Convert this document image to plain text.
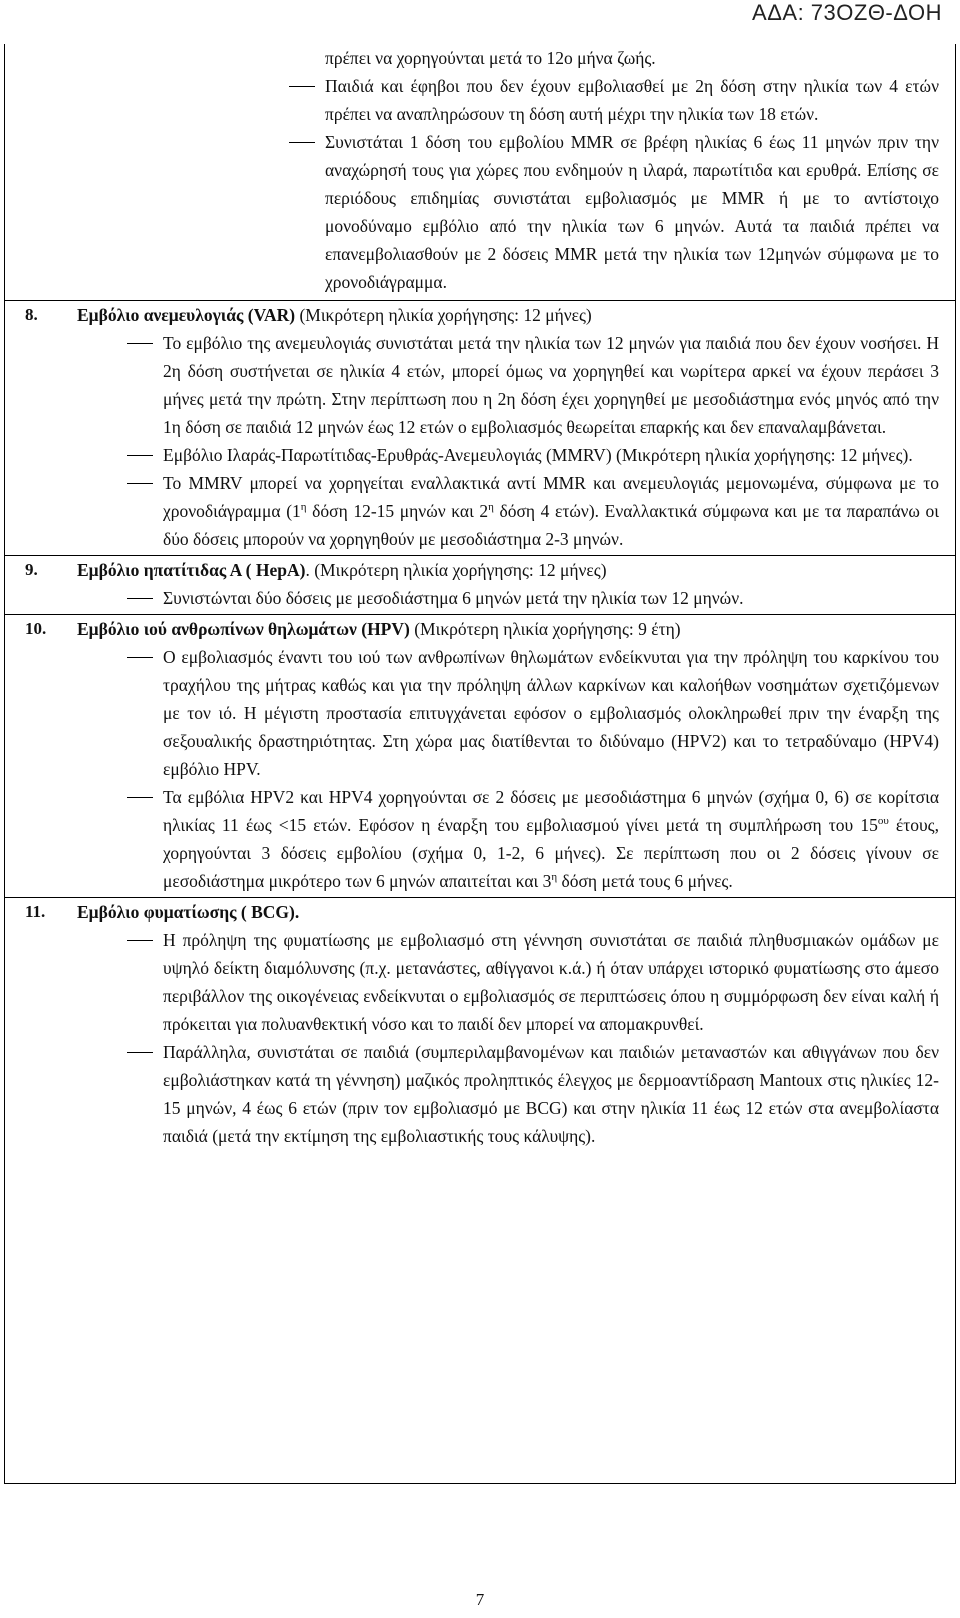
ΑΔΑ: 73ΟΖΘ-ΔΟΗ
πρέπει να χορηγούνται μετά το 12ο μήνα ζωής.
Παιδιά και έφηβοι που δεν έχουν εμβολιασθεί με 2η δόση στην ηλικία των 4 ετών πρέπει να αναπληρώσουν τη δόση αυτή μέχρι την ηλικία των 18 ετών.
Συνιστάται 1 δόση του εμβολίου MMR σε βρέφη ηλικίας 6 έως 11 μηνών πριν την αναχώρησή τους για χώρες που ενδημούν η ιλαρά, παρωτίτιδα και ερυθρά. Επίσης σε περιόδους επιδημίας συνιστάται εμβολιασμός με MMR ή με το αντίστοιχο μονοδύναμο εμβόλιο από την ηλικία των 6 μηνών. Αυτά τα παιδιά πρέπει να επανεμβολιασθούν με 2 δόσεις MMR μετά την ηλικία των 12μηνών σύμφωνα με το χρονοδιάγραμμα.	

8.	Εμβόλιο ανεμευλογιάς (VAR) (Μικρότερη ηλικία χορήγησης: 12 μήνες)
Το εμβόλιο της ανεμευλογιάς συνιστάται μετά την ηλικία των 12 μηνών για παιδιά που δεν έχουν νοσήσει. Η 2η δόση συστήνεται σε ηλικία 4 ετών, μπορεί όμως να χορηγηθεί και νωρίτερα αρκεί να έχουν περάσει 3 μήνες μετά την πρώτη. Στην περίπτωση που η 2η δόση έχει χορηγηθεί με μεσοδιάστημα ενός μηνός από την 1η δόση σε παιδιά 12 μηνών έως 12 ετών ο εμβολιασμός θεωρείται επαρκής και δεν επαναλαμβάνεται.
Εμβόλιο Ιλαράς-Παρωτίτιδας-Ερυθράς-Ανεμευλογιάς (MMRV) (Μικρότερη ηλικία χορήγησης: 12 μήνες).
Το MMRV μπορεί να χορηγείται εναλλακτικά αντί MMR και ανεμευλογιάς μεμονωμένα, σύμφωνα με το χρονοδιάγραμμα ($1^\eta$ δόση 12-15 μηνών και $2^\eta$ δόση 4 ετών). Εναλλακτικά σύμφωνα και με τα παραπάνω οι δύο δόσεις μπορούν να χορηγηθούν με μεσοδιάστημα 2-3 μηνών.

9.	Εμβόλιο ηπατίτιδας Α ( HepA). (Μικρότερη ηλικία χορήγησης: 12 μήνες)
Συνιστώνται δύο δόσεις με μεσοδιάστημα 6 μηνών μετά την ηλικία των 12 μηνών.

10.	Εμβόλιο ιού ανθρωπίνων θηλωμάτων (HPV) (Μικρότερη ηλικία χορήγησης: 9 έτη)
Ο εμβολιασμός έναντι του ιού των ανθρωπίνων θηλωμάτων ενδείκνυται για την πρόληψη του καρκίνου του τραχήλου της μήτρας καθώς και για την πρόληψη άλλων καρκίνων και καλοήθων νοσημάτων σχετιζόμενων με τον ιό. Η μέγιστη προστασία επιτυγχάνεται εφόσον ο εμβολιασμός ολοκληρωθεί πριν την έναρξη της σεξουαλικής δραστηριότητας. Στη χώρα μας διατίθενται το διδύναμο (HPV2) και το τετραδύναμο (HPV4) εμβόλιο HPV.
Τα εμβόλια HPV2 και HPV4 χορηγούνται σε 2 δόσεις με μεσοδιάστημα 6 μηνών (σχήμα 0, 6) σε κορίτσια ηλικίας 11 έως <15 ετών. Εφόσον η έναρξη του εμβολιασμού γίνει μετά τη συμπλήρωση του $15^{o\upsilon}$ έτους, χορηγούνται 3 δόσεις εμβολίου (σχήμα 0, 1-2, 6 μήνες). Σε περίπτωση που οι 2 δόσεις γίνουν σε μεσοδιάστημα μικρότερο των 6 μηνών απαιτείται και $3^\eta$ δόση μετά τους 6 μήνες.

11.	Εμβόλιο φυματίωσης ( BCG).
Η πρόληψη της φυματίωσης με εμβολιασμό στη γέννηση συνιστάται σε παιδιά πληθυσμιακών ομάδων με υψηλό δείκτη διαμόλυνσης (π.χ. μετανάστες, αθίγγανοι κ.ά.) ή όταν υπάρχει ιστορικό φυματίωσης στο άμεσο περιβάλλον της οικογένειας ενδείκνυται ο εμβολιασμός σε περιπτώσεις όπου η συμμόρφωση δεν είναι καλή ή πρόκειται για πολυανθεκτική νόσο και το παιδί δεν μπορεί να απομακρυνθεί.
Παράλληλα, συνιστάται σε παιδιά (συμπεριλαμβανομένων και παιδιών μεταναστών και αθιγγάνων που δεν εμβολιάστηκαν κατά τη γέννηση) μαζικός προληπτικός έλεγχος με δερμοαντίδραση Mantoux στις ηλικίες 12-15 μηνών, 4 έως 6 ετών (πριν τον εμβολιασμό με BCG) και στην ηλικία 11 έως 12 ετών στα ανεμβολίαστα παιδιά (μετά την εκτίμηση της εμβολιαστικής τους κάλυψης).
7
